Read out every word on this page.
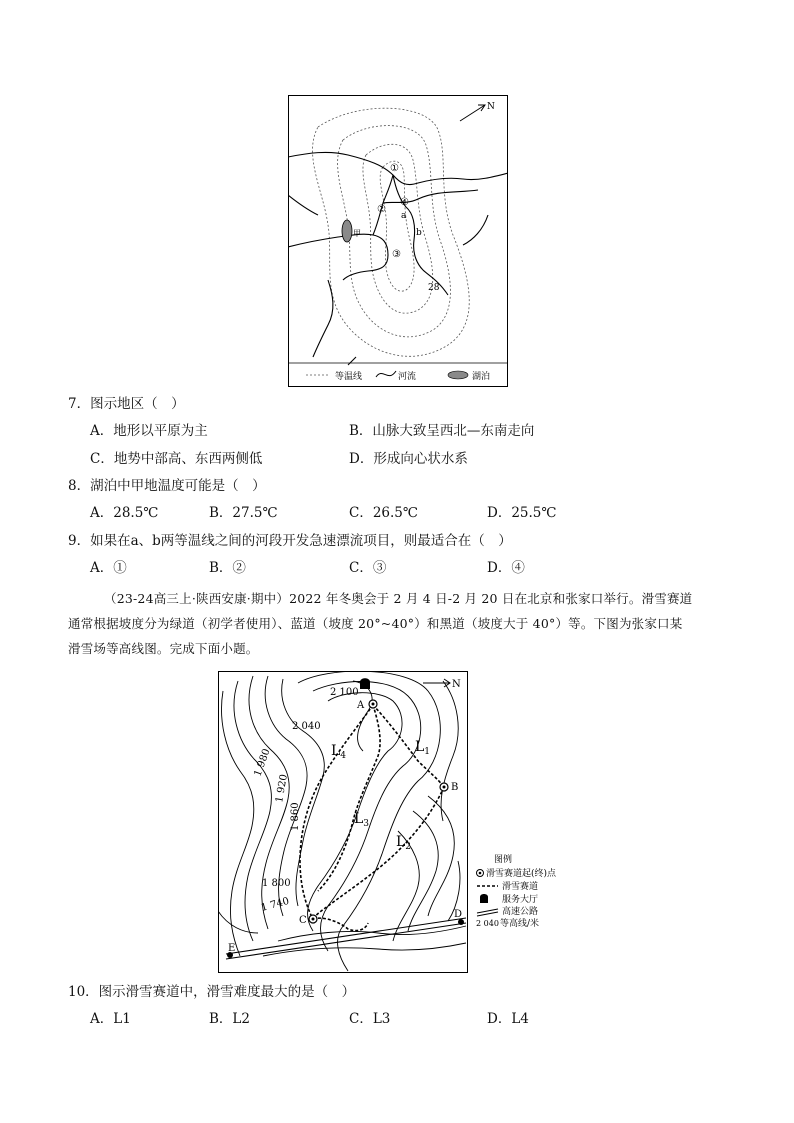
N
①
④
②
③
a
b
甲
28
等温线	河流	湖泊
7．图示地区（　）
A．地形以平原为主	B．山脉大致呈西北—东南走向
C．地势中部高、东西两侧低	D．形成向心状水系
8．湖泊中甲地温度可能是（　）
A．28.5℃	B．27.5℃	C．26.5℃	D．25.5℃
9．如果在a、b两等温线之间的河段开发急速漂流项目，则最适合在（　）
A．①	B．②	C．③	D．④
（23-24高三上·陕西安康·期中）2022 年冬奥会于 2 月 4 日-2 月 20 日在北京和张家口举行。滑雪赛道
通常根据坡度分为绿道（初学者使用）、蓝道（坡度 20°~40°）和黑道（坡度大于 40°）等。下图为张家口某
滑雪场等高线图。完成下面小题。
N
A
B
C
D
E
$L_4$
$L_1$
$L_3$
$L_2$
2 100
2 040
1 980
1 920
1 860
1 800
1 740
图例
滑雪赛道起(终)点
滑雪赛道
服务大厅
高速公路
2 040 等高线/米
10．图示滑雪赛道中，滑雪难度最大的是（　）
A．L1	B．L2	C．L3	D．L4
